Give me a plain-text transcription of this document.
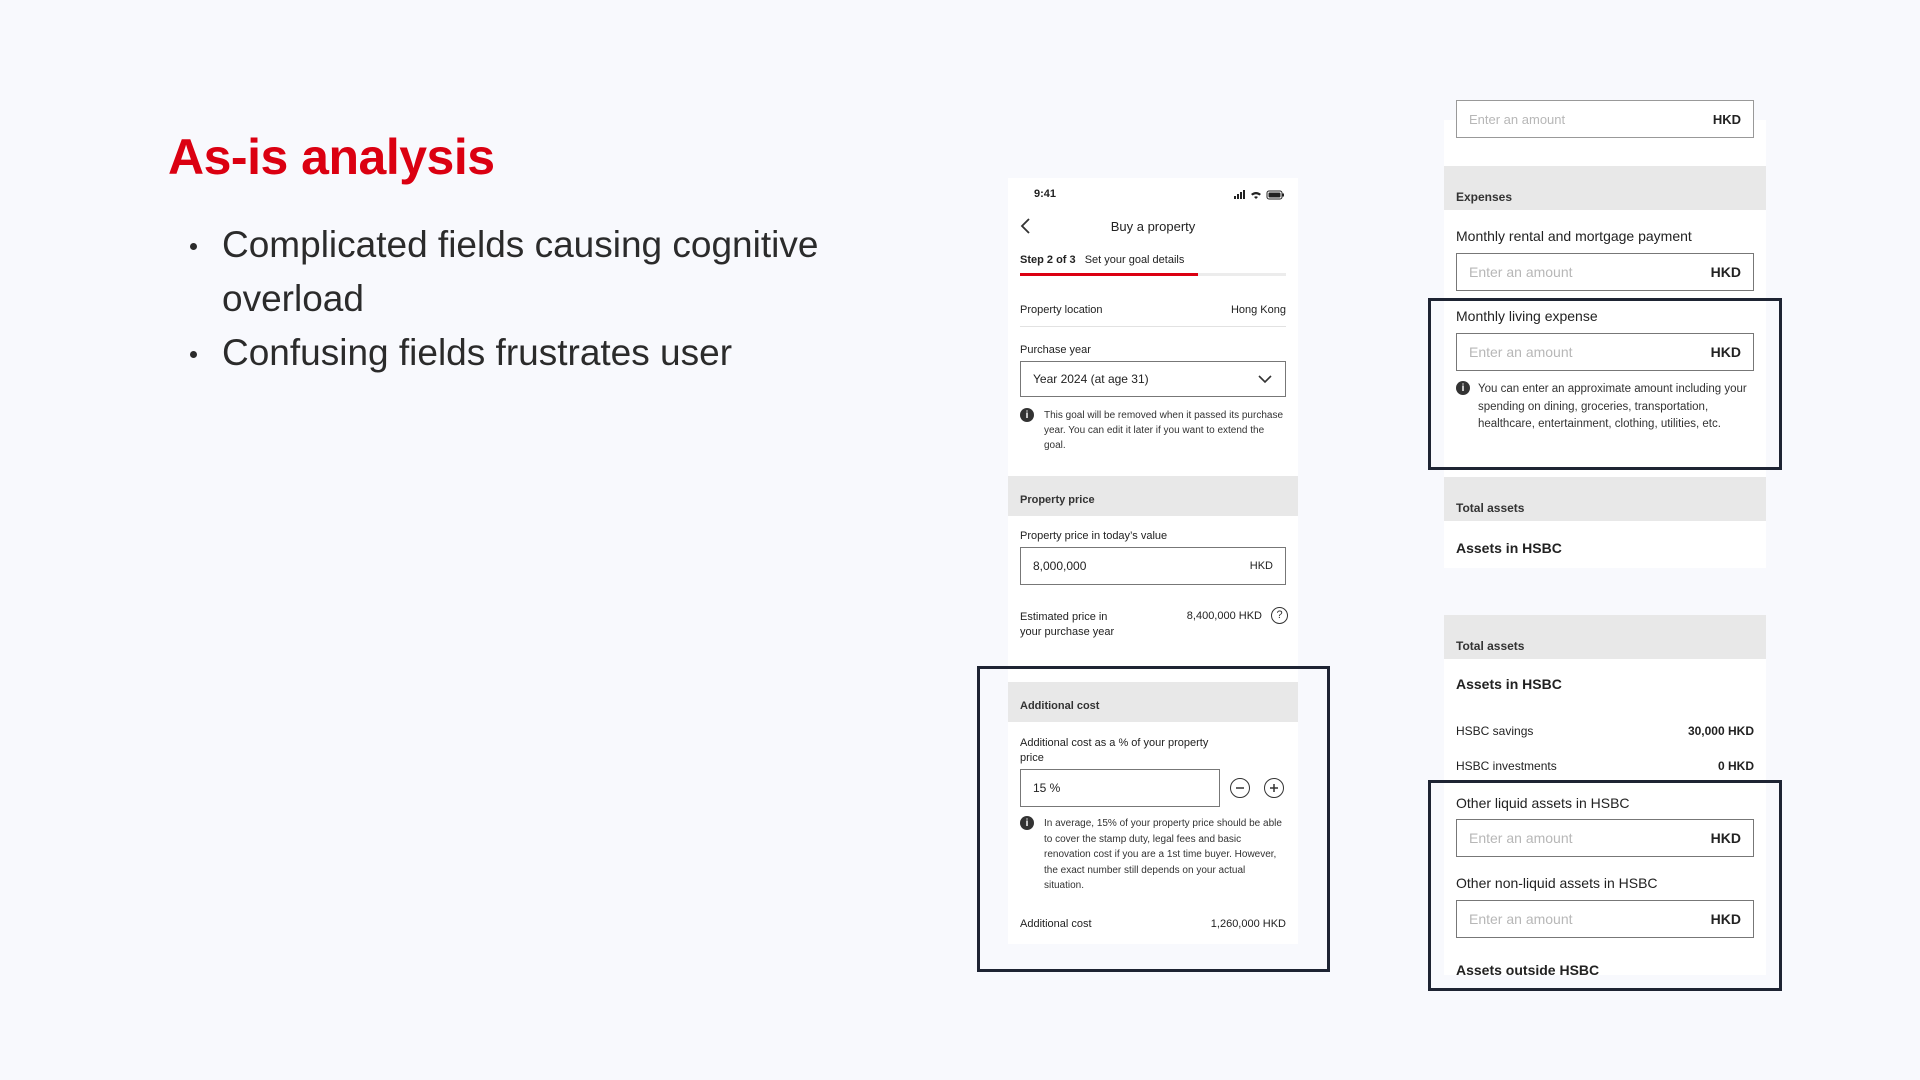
As-is analysis
Complicated fields causing cognitive overload
Confusing fields frustrates user
9:41
Buy a property
Step 2 of 3 Set your goal details
Property location	Hong Kong
Purchase year
Year 2024 (at age 31)
i	This goal will be removed when it passed its purchase year. You can edit it later if you want to extend the goal.
Property price
Property price in today’s value
8,000,000	HKD
Estimated price in your purchase year
8,400,000 HKD	?
Additional cost
Additional cost as a % of your property price
15 %
i	In average, 15% of your property price should be able to cover the stamp duty, legal fees and basic renovation cost if you are a 1st time buyer. However, the exact number still depends on your actual situation.
Additional cost	1,260,000 HKD
Enter an amount	HKD
Expenses
Monthly rental and mortgage payment
Enter an amount	HKD
Monthly living expense
Enter an amount	HKD
i	You can enter an approximate amount including your spending on dining, groceries, transportation, healthcare, entertainment, clothing, utilities, etc.
Total assets
Assets in HSBC
Total assets
Assets in HSBC
HSBC savings	30,000 HKD
HSBC investments	0 HKD
Other liquid assets in HSBC
Enter an amount	HKD
Other non-liquid assets in HSBC
Enter an amount	HKD
Assets outside HSBC
